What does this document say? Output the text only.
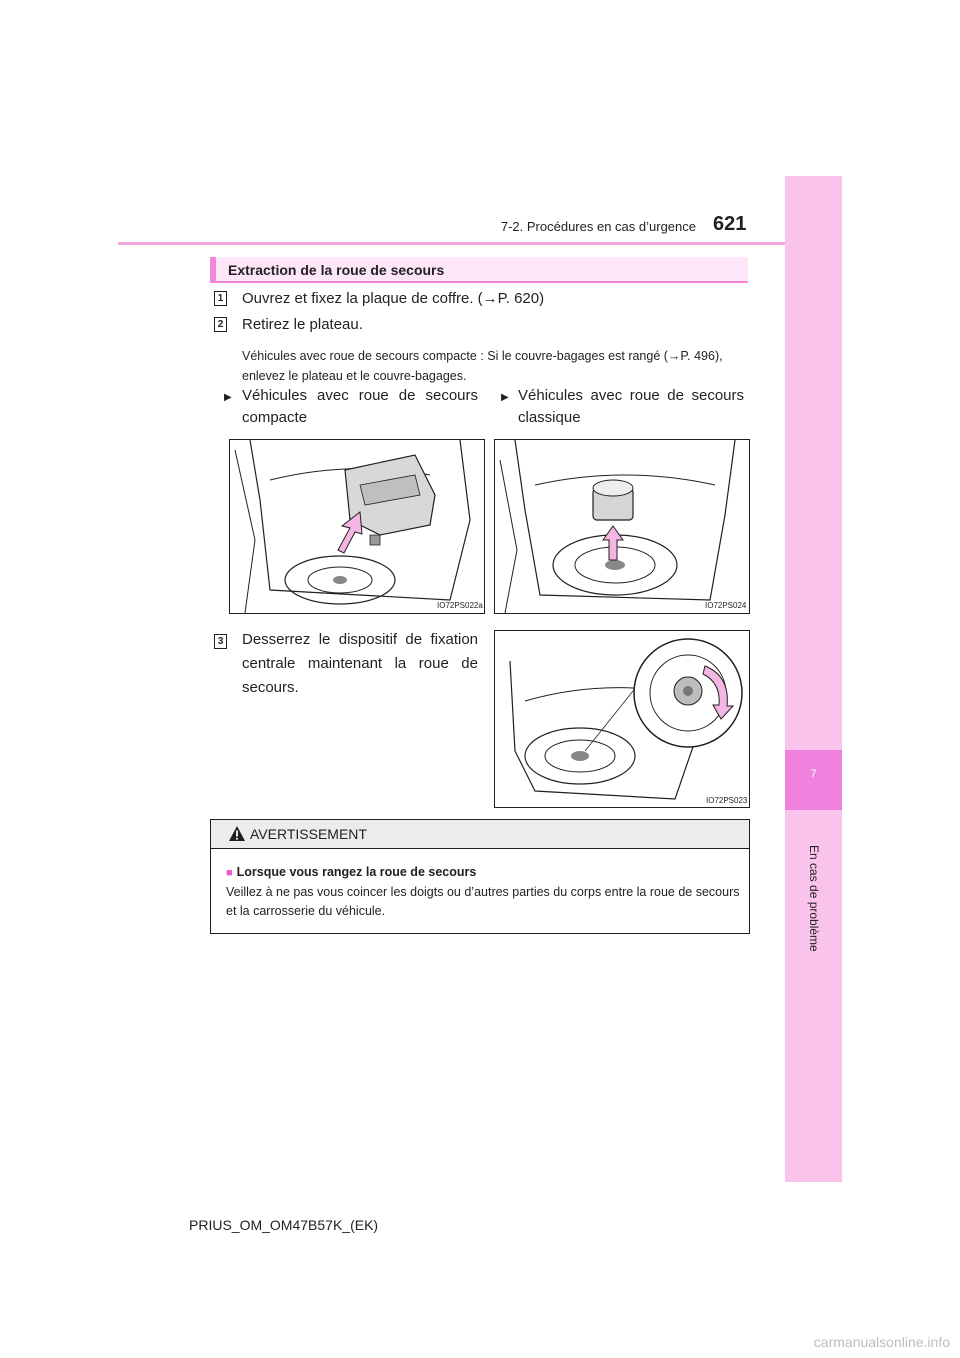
7-2. Procédures en cas d’urgence 621
7
En cas de problème
Extraction de la roue de secours
1 Ouvrez et fixez la plaque de coffre. (→P. 620)
2 Retirez le plateau.
Véhicules avec roue de secours compacte : Si le couvre-bagages est rangé (→P. 496), enlevez le plateau et le couvre-bagages.
▶ Véhicules avec roue de secours compacte
▶ Véhicules avec roue de secours classique
IO72PS022a	IO72PS024
3 Desserrez le dispositif de fixation centrale maintenant la roue de secours.
IO72PS023
AVERTISSEMENT
■ Lorsque vous rangez la roue de secours
Veillez à ne pas vous coincer les doigts ou d’autres parties du corps entre la roue de secours et la carrosserie du véhicule.
PRIUS_OM_OM47B57K_(EK)
carmanualsonline.info
